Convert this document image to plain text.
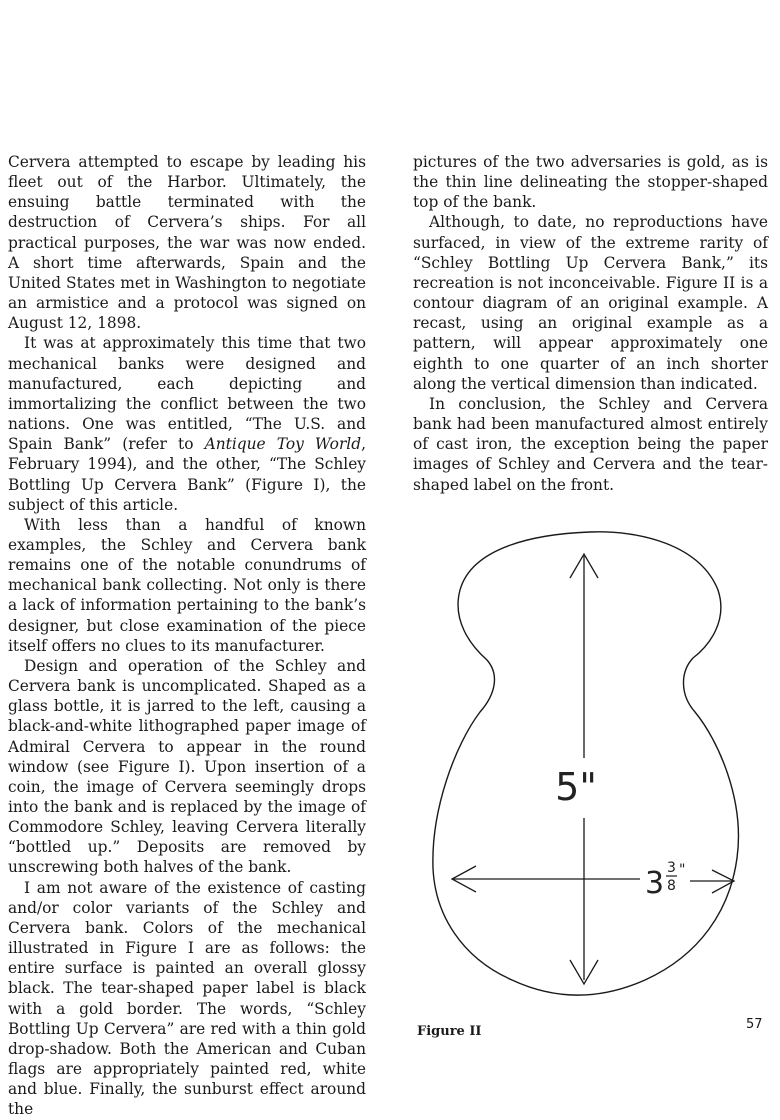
Cervera attempted to escape by leading his fleet out of the Harbor. Ultimately, the ensuing battle terminated with the destruction of Cervera’s ships. For all practical purposes, the war was now ended. A short time afterwards, Spain and the United States met in Washington to negotiate an armistice and a protocol was signed on August 12, 1898.

It was at approximately this time that two mechanical banks were designed and manufactured, each depicting and immortalizing the conflict between the two nations. One was entitled, “The U.S. and Spain Bank” (refer to Antique Toy World, February 1994), and the other, “The Schley Bottling Up Cervera Bank” (Figure I), the subject of this article.

With less than a handful of known examples, the Schley and Cervera bank remains one of the notable conundrums of mechanical bank collecting. Not only is there a lack of information pertaining to the bank’s designer, but close examination of the piece itself offers no clues to its manufacturer.

Design and operation of the Schley and Cervera bank is uncomplicated. Shaped as a glass bottle, it is jarred to the left, causing a black-and-white lithographed paper image of Admiral Cervera to appear in the round window (see Figure I). Upon insertion of a coin, the image of Cervera seemingly drops into the bank and is replaced by the image of Commodore Schley, leaving Cervera literally “bottled up.” Deposits are removed by unscrewing both halves of the bank.

I am not aware of the existence of casting and/or color variants of the Schley and Cervera bank. Colors of the mechanical illustrated in Figure I are as follows: the entire surface is painted an overall glossy black. The tear-shaped paper label is black with a gold border. The words, “Schley Bottling Up Cervera” are red with a thin gold drop-shadow. Both the American and Cuban flags are appropriately painted red, white and blue. Finally, the sunburst effect around the

pictures of the two adversaries is gold, as is the thin line delineating the stopper-shaped top of the bank.

Although, to date, no reproductions have surfaced, in view of the extreme rarity of “Schley Bottling Up Cervera Bank,” its recreation is not inconceivable. Figure II is a contour diagram of an original example. A recast, using an original example as a pattern, will appear approximately one eighth to one quarter of an inch shorter along the vertical dimension than indicated.

In conclusion, the Schley and Cervera bank had been manufactured almost entirely of cast iron, the exception being the paper images of Schley and Cervera and the tear-shaped label on the front.

5"
3 3
8
"
Figure II	57
